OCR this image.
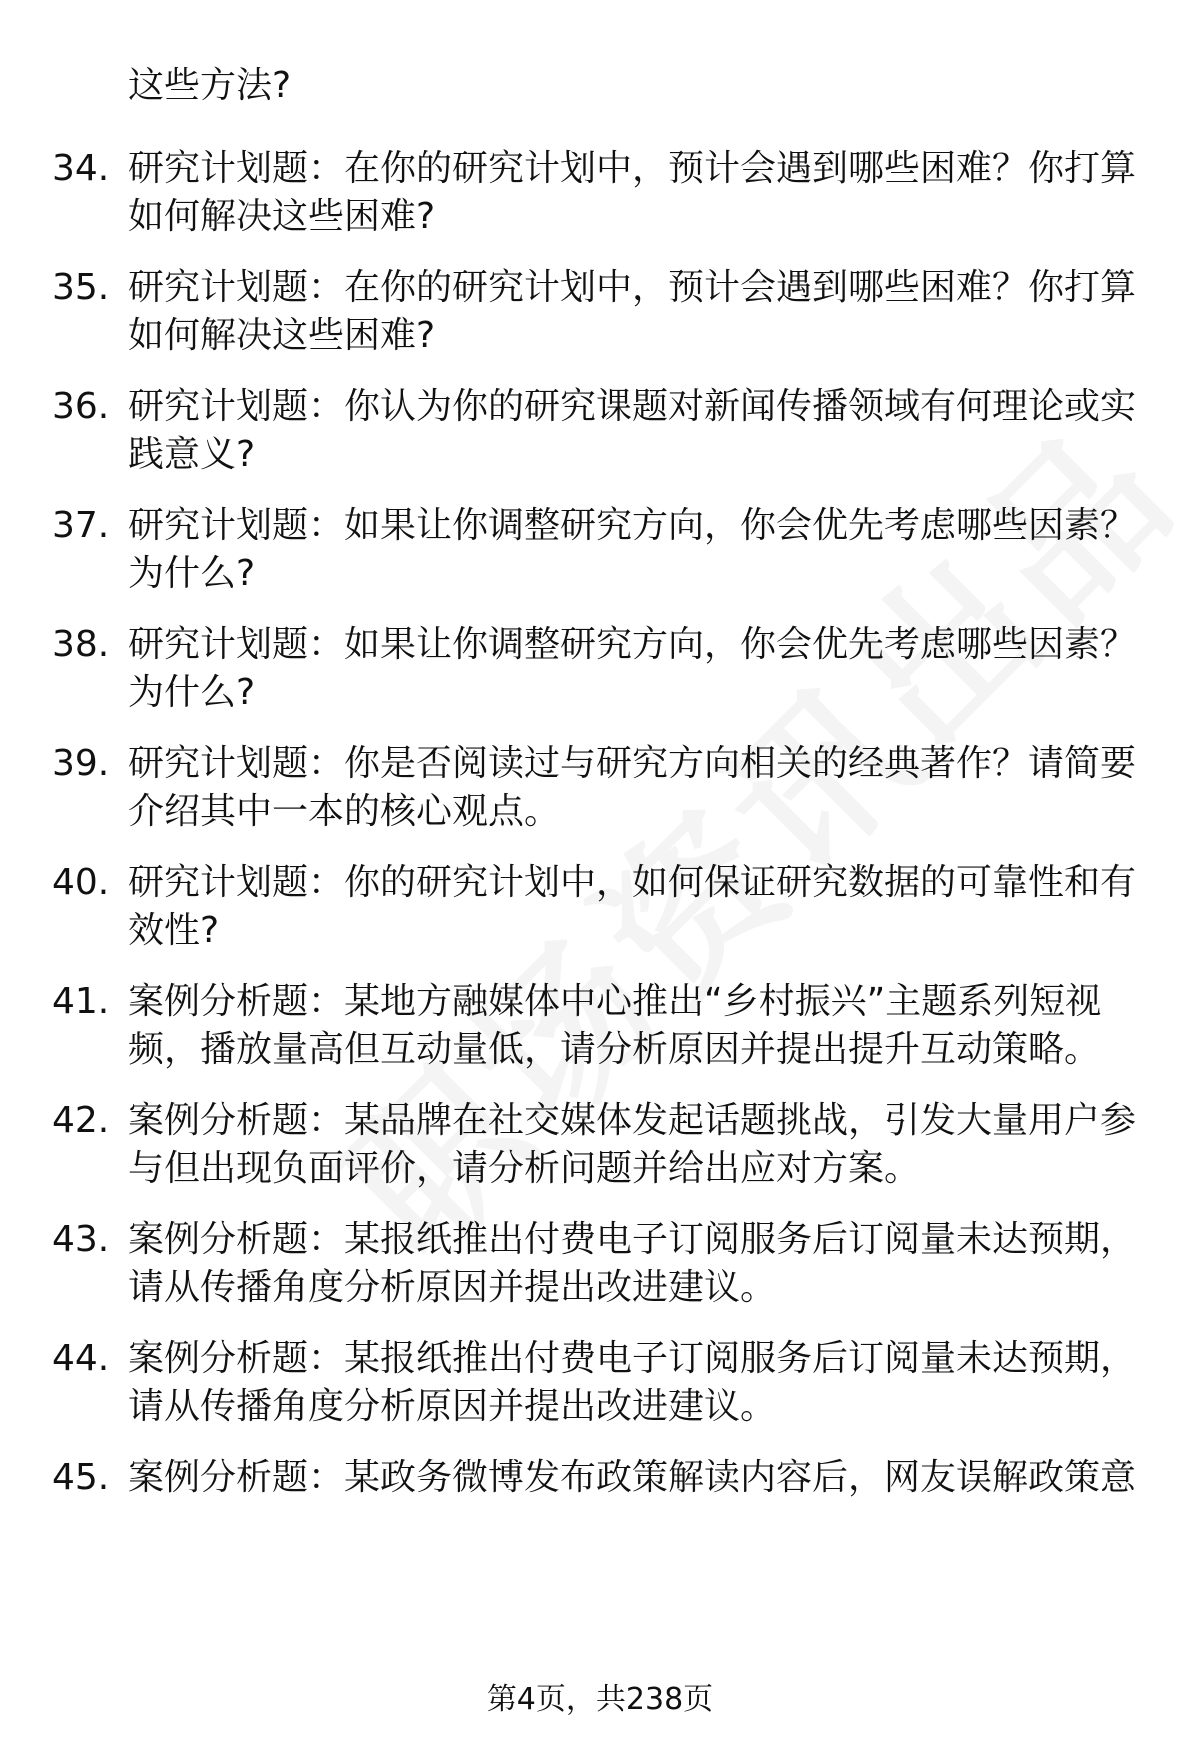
这些方法?
34. 研究计划题：在你的研究计划中，预计会遇到哪些困难？你打算如何解决这些困难?
35. 研究计划题：在你的研究计划中，预计会遇到哪些困难？你打算如何解决这些困难?
36. 研究计划题：你认为你的研究课题对新闻传播领域有何理论或实践意义?
37. 研究计划题：如果让你调整研究方向，你会优先考虑哪些因素？为什么?
38. 研究计划题：如果让你调整研究方向，你会优先考虑哪些因素？为什么?
39. 研究计划题：你是否阅读过与研究方向相关的经典著作？请简要介绍其中一本的核心观点。
40. 研究计划题：你的研究计划中，如何保证研究数据的可靠性和有效性?
41. 案例分析题：某地方融媒体中心推出“乡村振兴”主题系列短视频，播放量高但互动量低，请分析原因并提出提升互动策略。
42. 案例分析题：某品牌在社交媒体发起话题挑战，引发大量用户参与但出现负面评价，请分析问题并给出应对方案。
43. 案例分析题：某报纸推出付费电子订阅服务后订阅量未达预期，请从传播角度分析原因并提出改进建议。
44. 案例分析题：某报纸推出付费电子订阅服务后订阅量未达预期，请从传播角度分析原因并提出改进建议。
45. 案例分析题：某政务微博发布政策解读内容后，网友误解政策意
第4页，共238页
